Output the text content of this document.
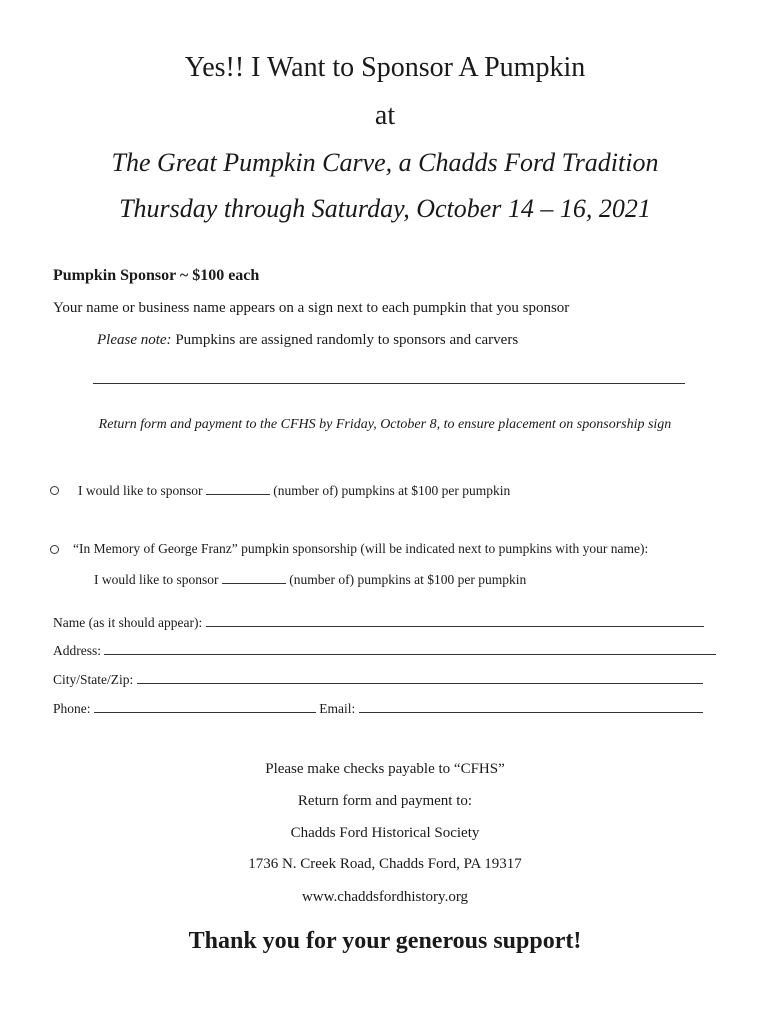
Yes!! I Want to Sponsor A Pumpkin
at
The Great Pumpkin Carve, a Chadds Ford Tradition
Thursday through Saturday, October 14 – 16, 2021
Pumpkin Sponsor ~ $100 each
Your name or business name appears on a sign next to each pumpkin that you sponsor
Please note: Pumpkins are assigned randomly to sponsors and carvers
Return form and payment to the CFHS by Friday, October 8, to ensure placement on sponsorship sign
I would like to sponsor	(number of) pumpkins at $100 per pumpkin
“In Memory of George Franz” pumpkin sponsorship (will be indicated next to pumpkins with your name):
I would like to sponsor	(number of) pumpkins at $100 per pumpkin
Name (as it should appear):
Address:
City/State/Zip:
Phone:	Email:
Please make checks payable to “CFHS”
Return form and payment to:
Chadds Ford Historical Society
1736 N. Creek Road, Chadds Ford, PA 19317
www.chaddsfordhistory.org
Thank you for your generous support!
